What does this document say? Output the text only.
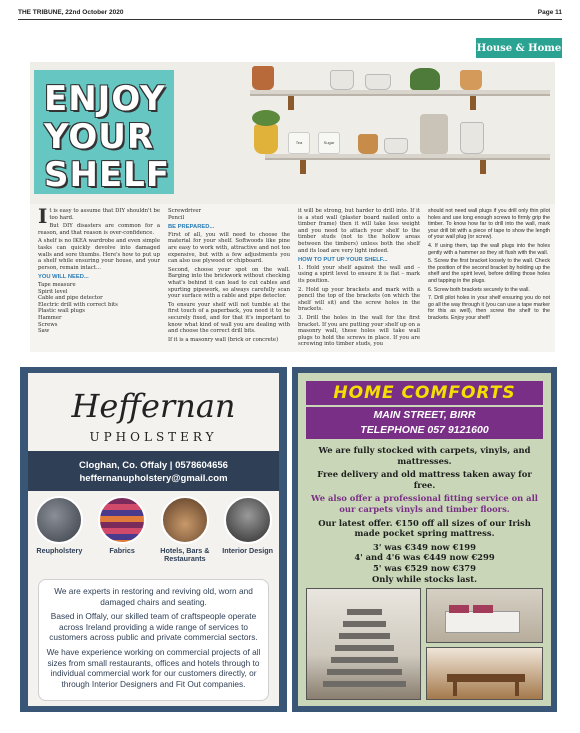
THE TRIBUNE, 22nd October 2020	Page 11
House & Home
Tea	Sugar
ENJOY
YOUR
SHELF

It is easy to assume that DIY shouldn't be too hard.

But DIY disasters are common for a reason, and that reason is over-confidence.

A shelf is no IKEA wardrobe and even simple tasks can quickly devolve into damaged walls and sore thumbs. Here's how to put up a shelf while ensuring your house, and your person, remain intact...

YOU WILL NEED...
Tape measure
Spirit level
Cable and pipe detector
Electric drill with correct bits
Plastic wall plugs
Hammer
Screws
Saw
Screwdriver
Pencil
BE PREPARED...

First of all, you will need to choose the material for your shelf. Softwoods like pine are easy to work with, attractive and not too expensive, but with a few adjustments you can also use plywood or chipboard.

Second, choose your spot on the wall. Barging into the brickwork without checking what's behind it can lead to cut cables and spurting pipework, so always carefully scan your surface with a cable and pipe detector.

To ensure your shelf will not tumble at the first touch of a paperback, you need it to be securely fixed, and for that it's important to know what kind of wall you are dealing with and choose the correct drill bits.

If it is a masonry wall (brick or concrete)

it will be strong, but harder to drill into. If it is a stud wall (plaster board nailed onto a timber frame) then it will take less weight and you need to attach your shelf to the timber studs (not to the hollow areas between the timbers) unless both the shelf and its load are very light indeed.

HOW TO PUT UP YOUR SHELF...

1. Hold your shelf against the wall and – using a spirit level to ensure it is flat – mark its position.

2. Hold up your brackets and mark with a pencil the top of the brackets (on which the shelf will sit) and the screw holes in the brackets.

3. Drill the holes in the wall for the first bracket. If you are putting your shelf up on a masonry wall, these holes will take wall plugs to hold the screws in place. If you are screwing into timber studs, you

should not need wall plugs if you drill only thin pilot holes and use long enough screws to firmly grip the timber. To know how far to drill into the wall, mark your drill bit with a piece of tape to show the length of your wall plug (or screw).

4. If using them, tap the wall plugs into the holes gently with a hammer so they sit flush with the wall.

5. Screw the first bracket loosely to the wall. Check the position of the second bracket by holding up the shelf and the spirit level, before drilling those holes and tapping in the plugs.

6. Screw both brackets securely to the wall.

7. Drill pilot holes in your shelf ensuring you do not go all the way through it (you can use a tape marker for this as well), then screw the shelf to the brackets. Enjoy your shelf!

Heffernan
UPHOLSTERY
Cloghan, Co. Offaly | 0578604656
heffernanupholstery@gmail.com
Reupholstery	Fabrics	Hotels, Bars & Restaurants
Interior Design

We are experts in restoring and reviving old, worn and damaged chairs and seating.

Based in Offaly, our skilled team of craftspeople operate across Ireland providing a wide range of services to customers across public and private commercial sectors.

We have experience working on commercial projects of all sizes from small restaurants, offices and hotels through to individual commercial work for our customers directly, or through Interior Designers and Fit Out companies.

HOME COMFORTS
MAIN STREET, BIRR
TELEPHONE 057 9121600

We are fully stocked with carpets, vinyls, and mattresses.

Free delivery and old mattress taken away for free.

We also offer a professional fitting service on all our carpets vinyls and timber floors.

Our latest offer. €150 off all sizes of our Irish made pocket spring mattress.

3' was €349 now €199
4' and 4'6 was €449 now €299
5' was €529 now €379
Only while stocks last.
